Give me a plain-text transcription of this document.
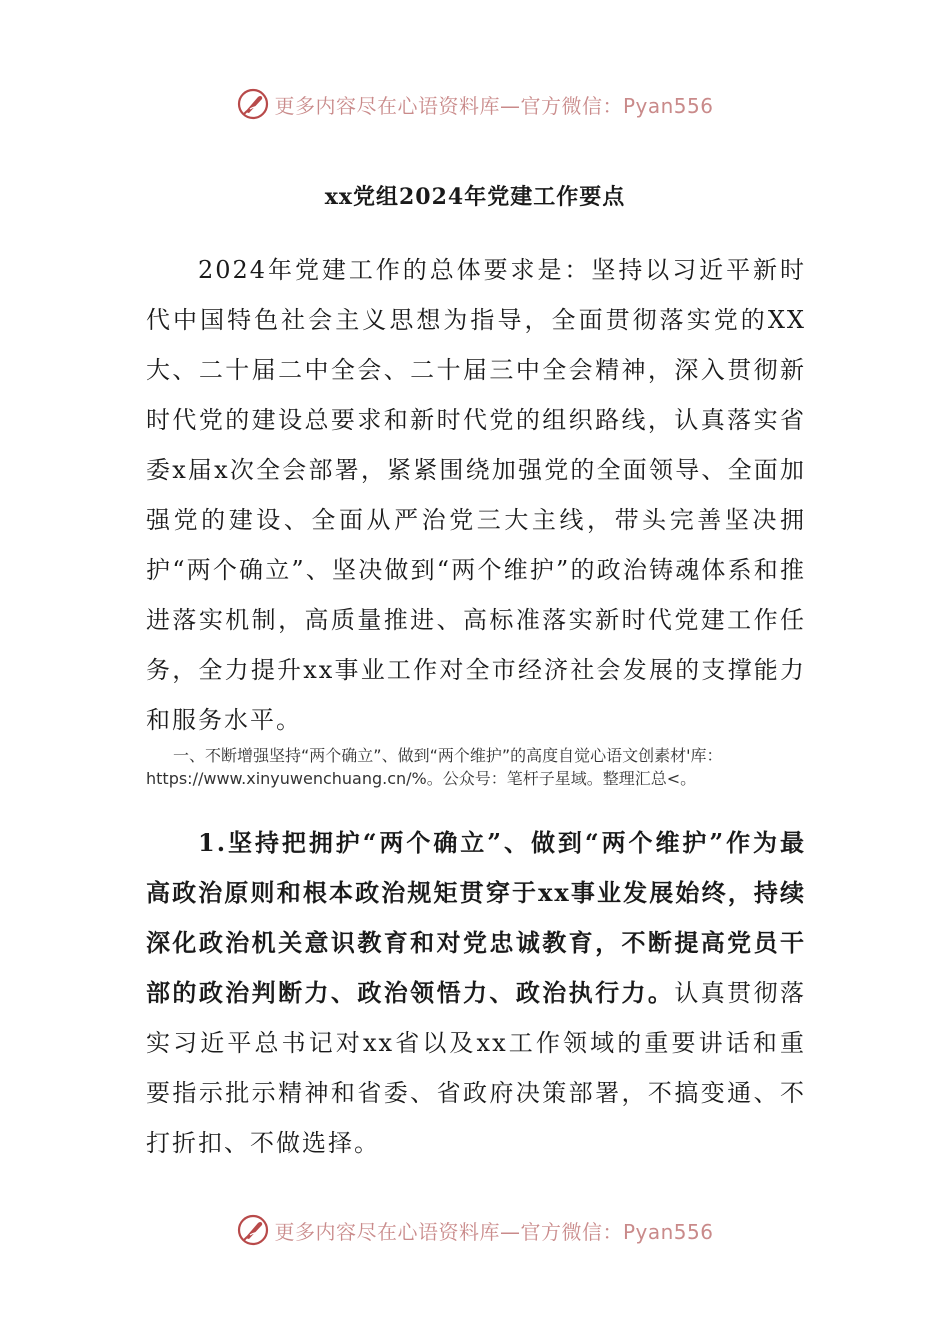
更多内容尽在心语资料库—官方微信：Pyan556
xx党组2024年党建工作要点
2024年党建工作的总体要求是：坚持以习近平新时代中国特色社会主义思想为指导，全面贯彻落实党的XX大、二十届二中全会、二十届三中全会精神，深入贯彻新时代党的建设总要求和新时代党的组织路线，认真落实省委x届x次全会部署，紧紧围绕加强党的全面领导、全面加强党的建设、全面从严治党三大主线，带头完善坚决拥护“两个确立”、坚决做到“两个维护”的政治铸魂体系和推进落实机制，高质量推进、高标准落实新时代党建工作任务，全力提升xx事业工作对全市经济社会发展的支撑能力和服务水平。
一、不断增强坚持“两个确立”、做到“两个维护”的高度自觉心语文创素材'库：https://www.xinyuwenchuang.cn/%。公众号：笔杆子星域。整理汇总<。
1.坚持把拥护“两个确立”、做到“两个维护”作为最高政治原则和根本政治规矩贯穿于xx事业发展始终，持续深化政治机关意识教育和对党忠诚教育，不断提高党员干部的政治判断力、政治领悟力、政治执行力。认真贯彻落实习近平总书记对xx省以及xx工作领域的重要讲话和重要指示批示精神和省委、省政府决策部署，不搞变通、不打折扣、不做选择。
更多内容尽在心语资料库—官方微信：Pyan556
